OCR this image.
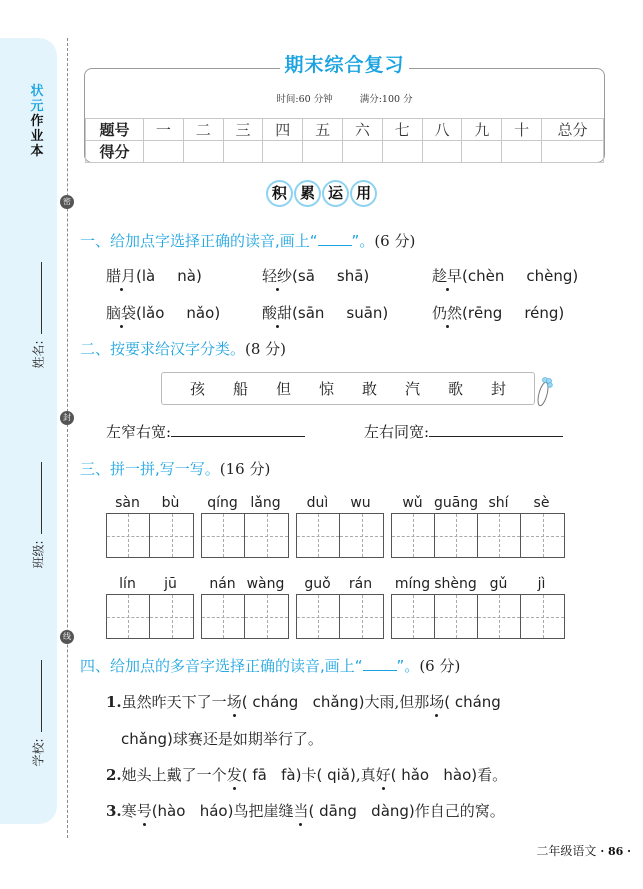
状元
作业本
姓名:
班级:
学校:
密
封
线
期末综合复习
时间:60 分钟	满分:100 分
题号	一	二	三	四	五	六	七	八	九	十	总分
得分											
积 累 运 用
一、给加点字选择正确的读音,画上“ ”。(6 分)
腊月(là nà)	轻纱(sā shā)	趁早(chèn chèng)
脑袋(lǎo nǎo)	酸甜(sān suān)	仍然(rēng réng)
二、按要求给汉字分类。(8 分)
孩 船 但 惊 敢 汽 歌 封
左窄右宽:	左右同宽:
三、拼一拼,写一写。(16 分)
sàn	bù	qíng lǎng	duì	wu	wǔ guāng shí	sè
lín	jū	nán wàng	guǒ	rán	míng shèng gǔ	jì
四、给加点的多音字选择正确的读音,画上“ ”。(6 分)
1.虽然昨天下了一场( cháng   chǎng)大雨,但那场( cháng
chǎng)球赛还是如期举行了。
2.她头上戴了一个发( fā   fà)卡( qiǎ),真好( hǎo   hào)看。
3.寒号(hào   háo)鸟把崖缝当( dāng   dàng)作自己的窝。
二年级语文 · 86 ·
